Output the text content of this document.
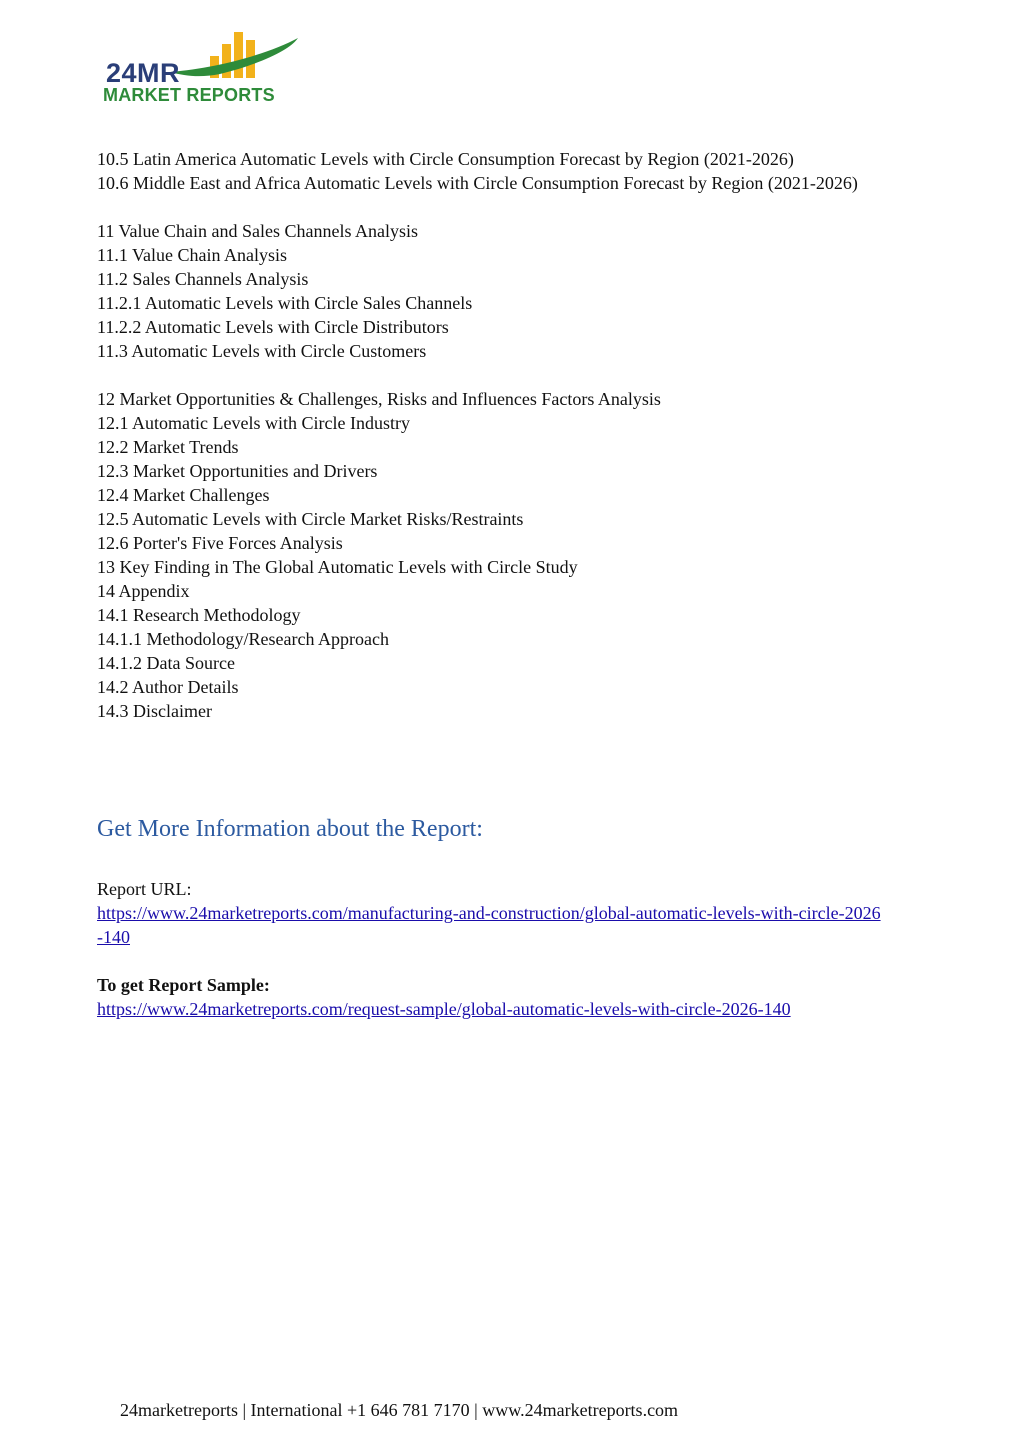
24MR
MARKET REPORTS
10.5 Latin America Automatic Levels with Circle Consumption Forecast by Region (2021-2026)
10.6 Middle East and Africa Automatic Levels with Circle Consumption Forecast by Region (2021-2026)
11 Value Chain and Sales Channels Analysis
11.1 Value Chain Analysis
11.2 Sales Channels Analysis
11.2.1 Automatic Levels with Circle Sales Channels
11.2.2 Automatic Levels with Circle Distributors
11.3 Automatic Levels with Circle Customers
12 Market Opportunities & Challenges, Risks and Influences Factors Analysis
12.1 Automatic Levels with Circle Industry
12.2 Market Trends
12.3 Market Opportunities and Drivers
12.4 Market Challenges
12.5 Automatic Levels with Circle Market Risks/Restraints
12.6 Porter's Five Forces Analysis
13 Key Finding in The Global Automatic Levels with Circle Study
14 Appendix
14.1 Research Methodology
14.1.1 Methodology/Research Approach
14.1.2 Data Source
14.2 Author Details
14.3 Disclaimer
Get More Information about the Report:
Report URL:
https://www.24marketreports.com/manufacturing-and-construction/global-automatic-levels-with-circle-2026
-140
To get Report Sample:
https://www.24marketreports.com/request-sample/global-automatic-levels-with-circle-2026-140
24marketreports | International +1 646 781 7170 | www.24marketreports.com
